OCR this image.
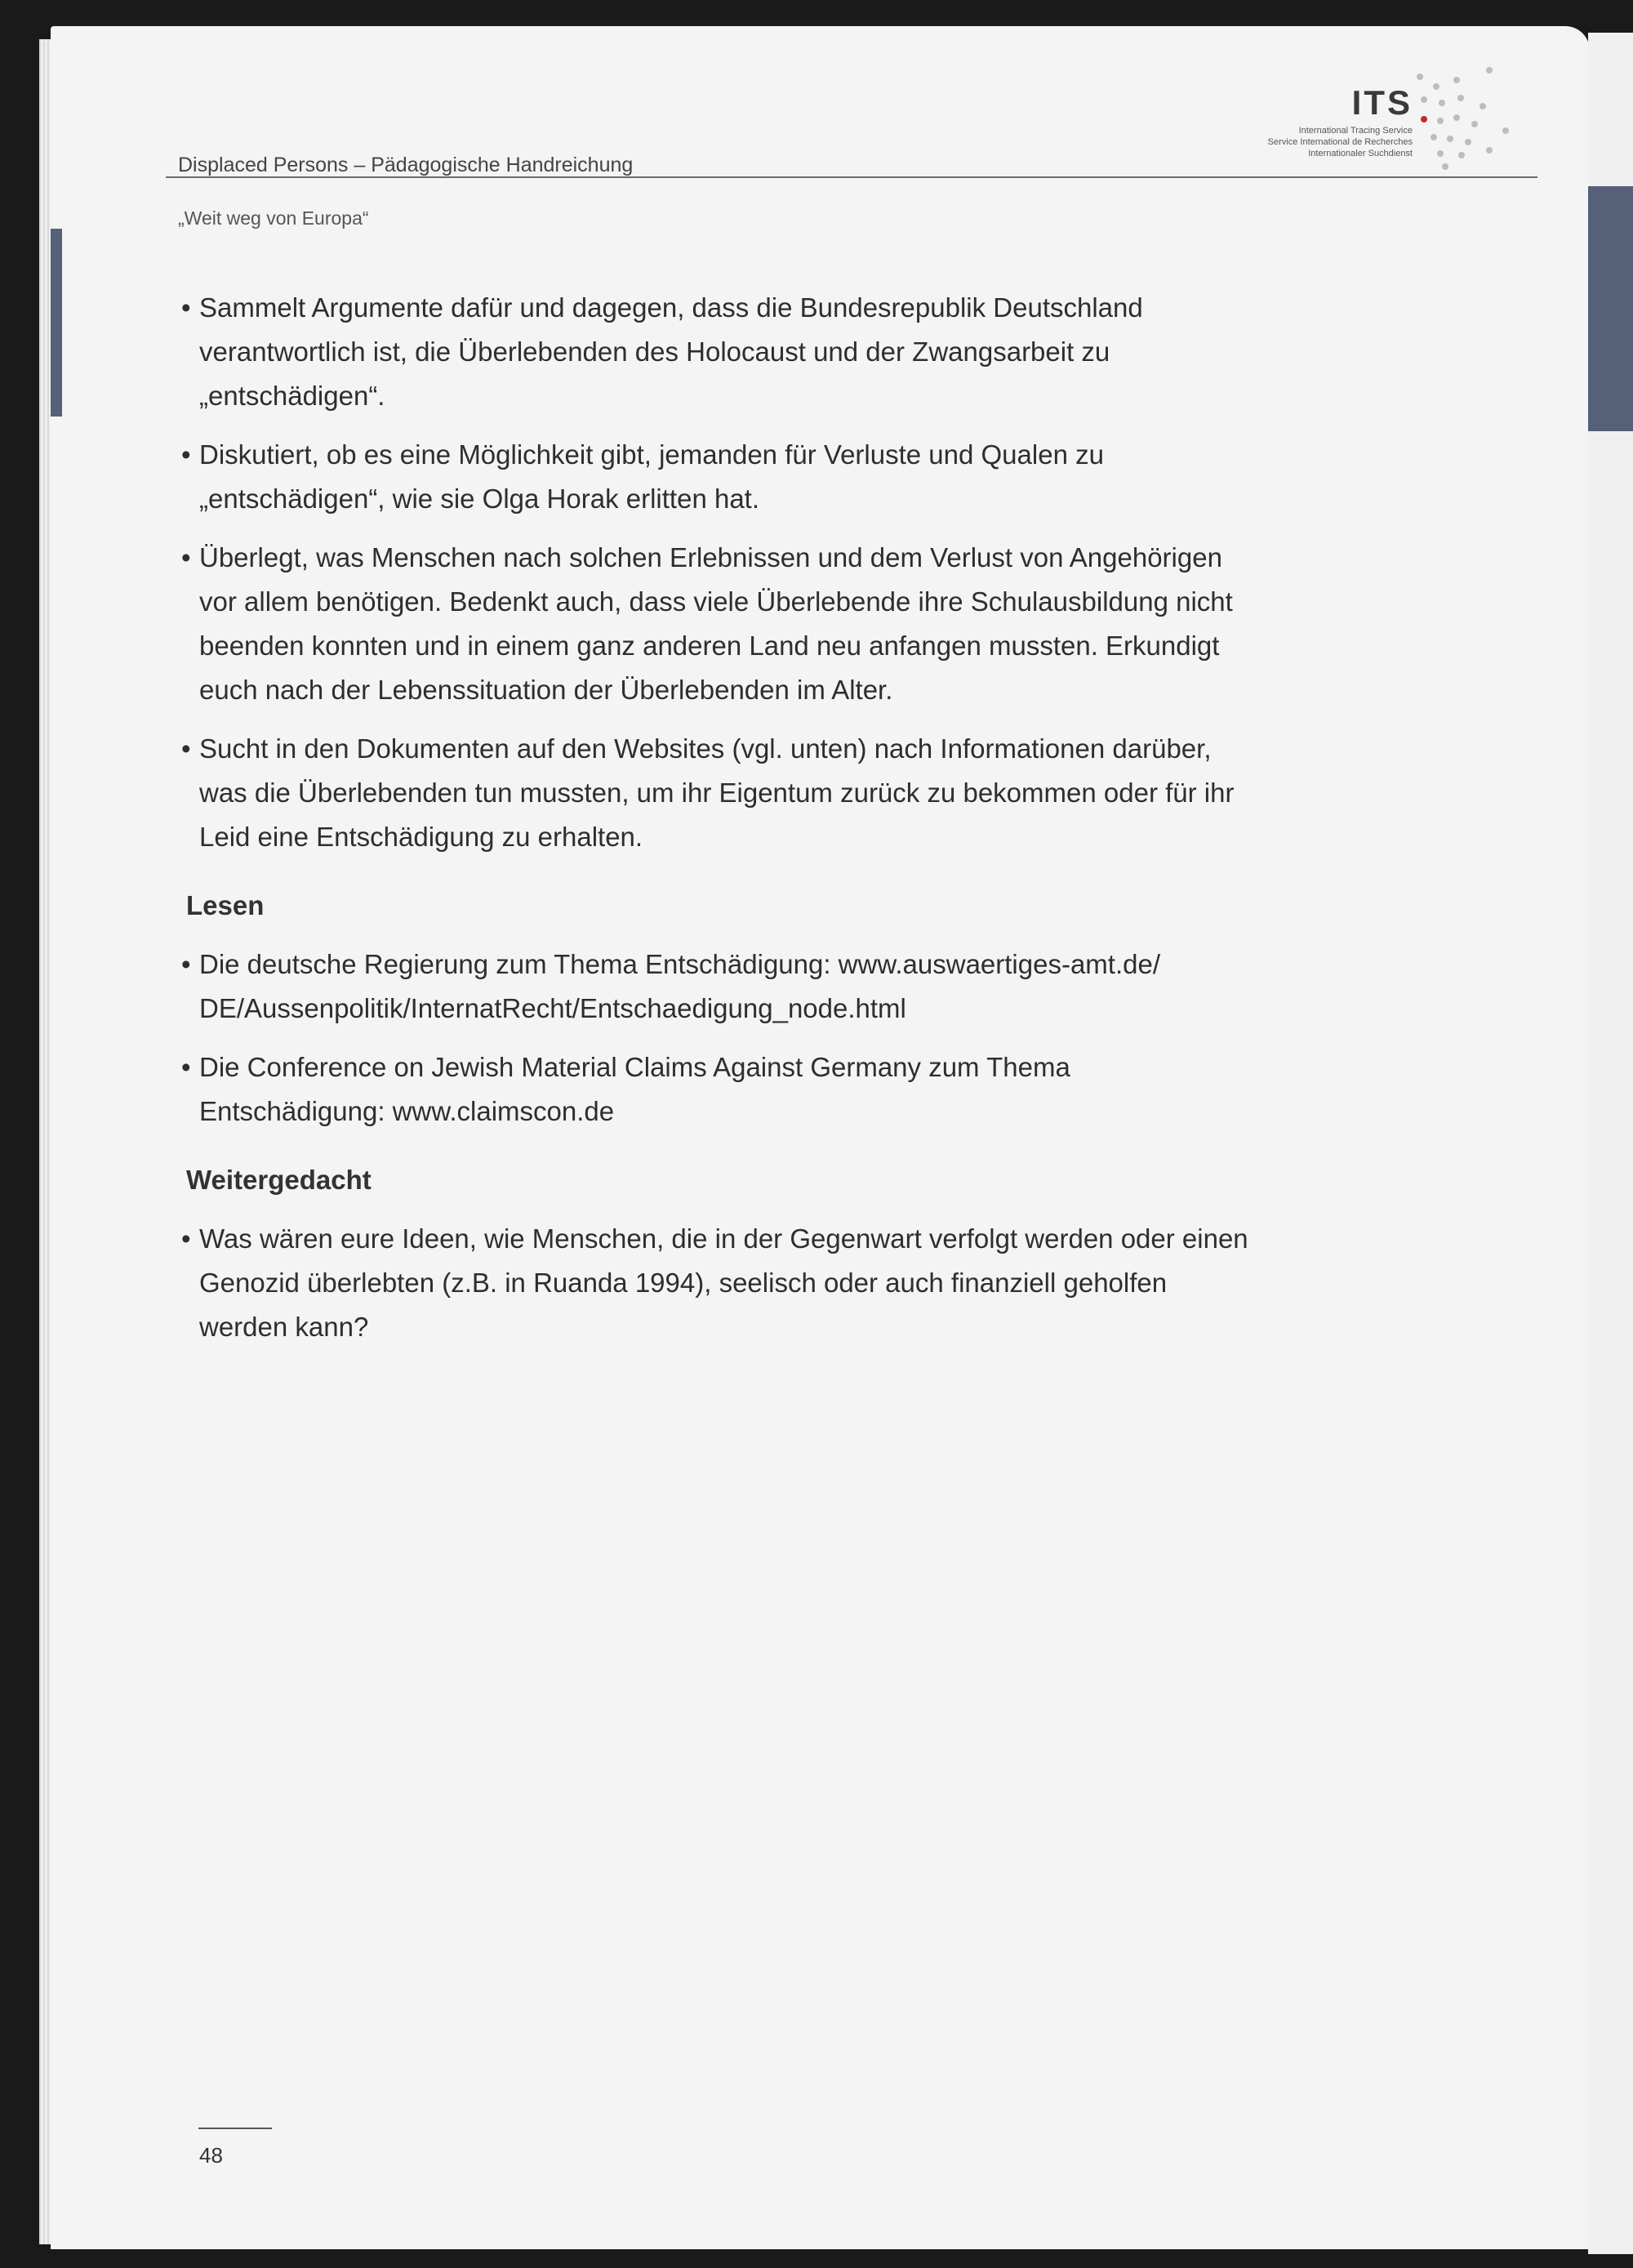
Displaced Persons – Pädagogische Handreichung
„Weit weg von Europa“
ITS
International Tracing Service
Service International de Recherches
Internationaler Suchdienst
• Sammelt Argumente dafür und dagegen, dass die Bundesrepublik Deutschland verantwortlich ist, die Überlebenden des Holocaust und der Zwangsarbeit zu „entschädigen“.
• Diskutiert, ob es eine Möglichkeit gibt, jemanden für Verluste und Qualen zu „entschädigen“, wie sie Olga Horak erlitten hat.
• Überlegt, was Menschen nach solchen Erlebnissen und dem Verlust von Angehörigen vor allem benötigen. Bedenkt auch, dass viele Überlebende ihre Schulausbildung nicht beenden konnten und in einem ganz anderen Land neu anfangen mussten. Erkundigt euch nach der Lebenssituation der Überlebenden im Alter.
• Sucht in den Dokumenten auf den Websites (vgl. unten) nach Informationen darüber, was die Überlebenden tun mussten, um ihr Eigentum zurück zu bekommen oder für ihr Leid eine Entschädigung zu erhalten.
Lesen
• Die deutsche Regierung zum Thema Entschädigung: www.auswaertiges-amt.de/ DE/Aussenpolitik/InternatRecht/Entschaedigung_node.html
• Die Conference on Jewish Material Claims Against Germany zum Thema Entschädigung: www.claimscon.de
Weitergedacht
• Was wären eure Ideen, wie Menschen, die in der Gegenwart verfolgt werden oder einen Genozid überlebten (z.B. in Ruanda 1994), seelisch oder auch finanziell geholfen werden kann?
48
